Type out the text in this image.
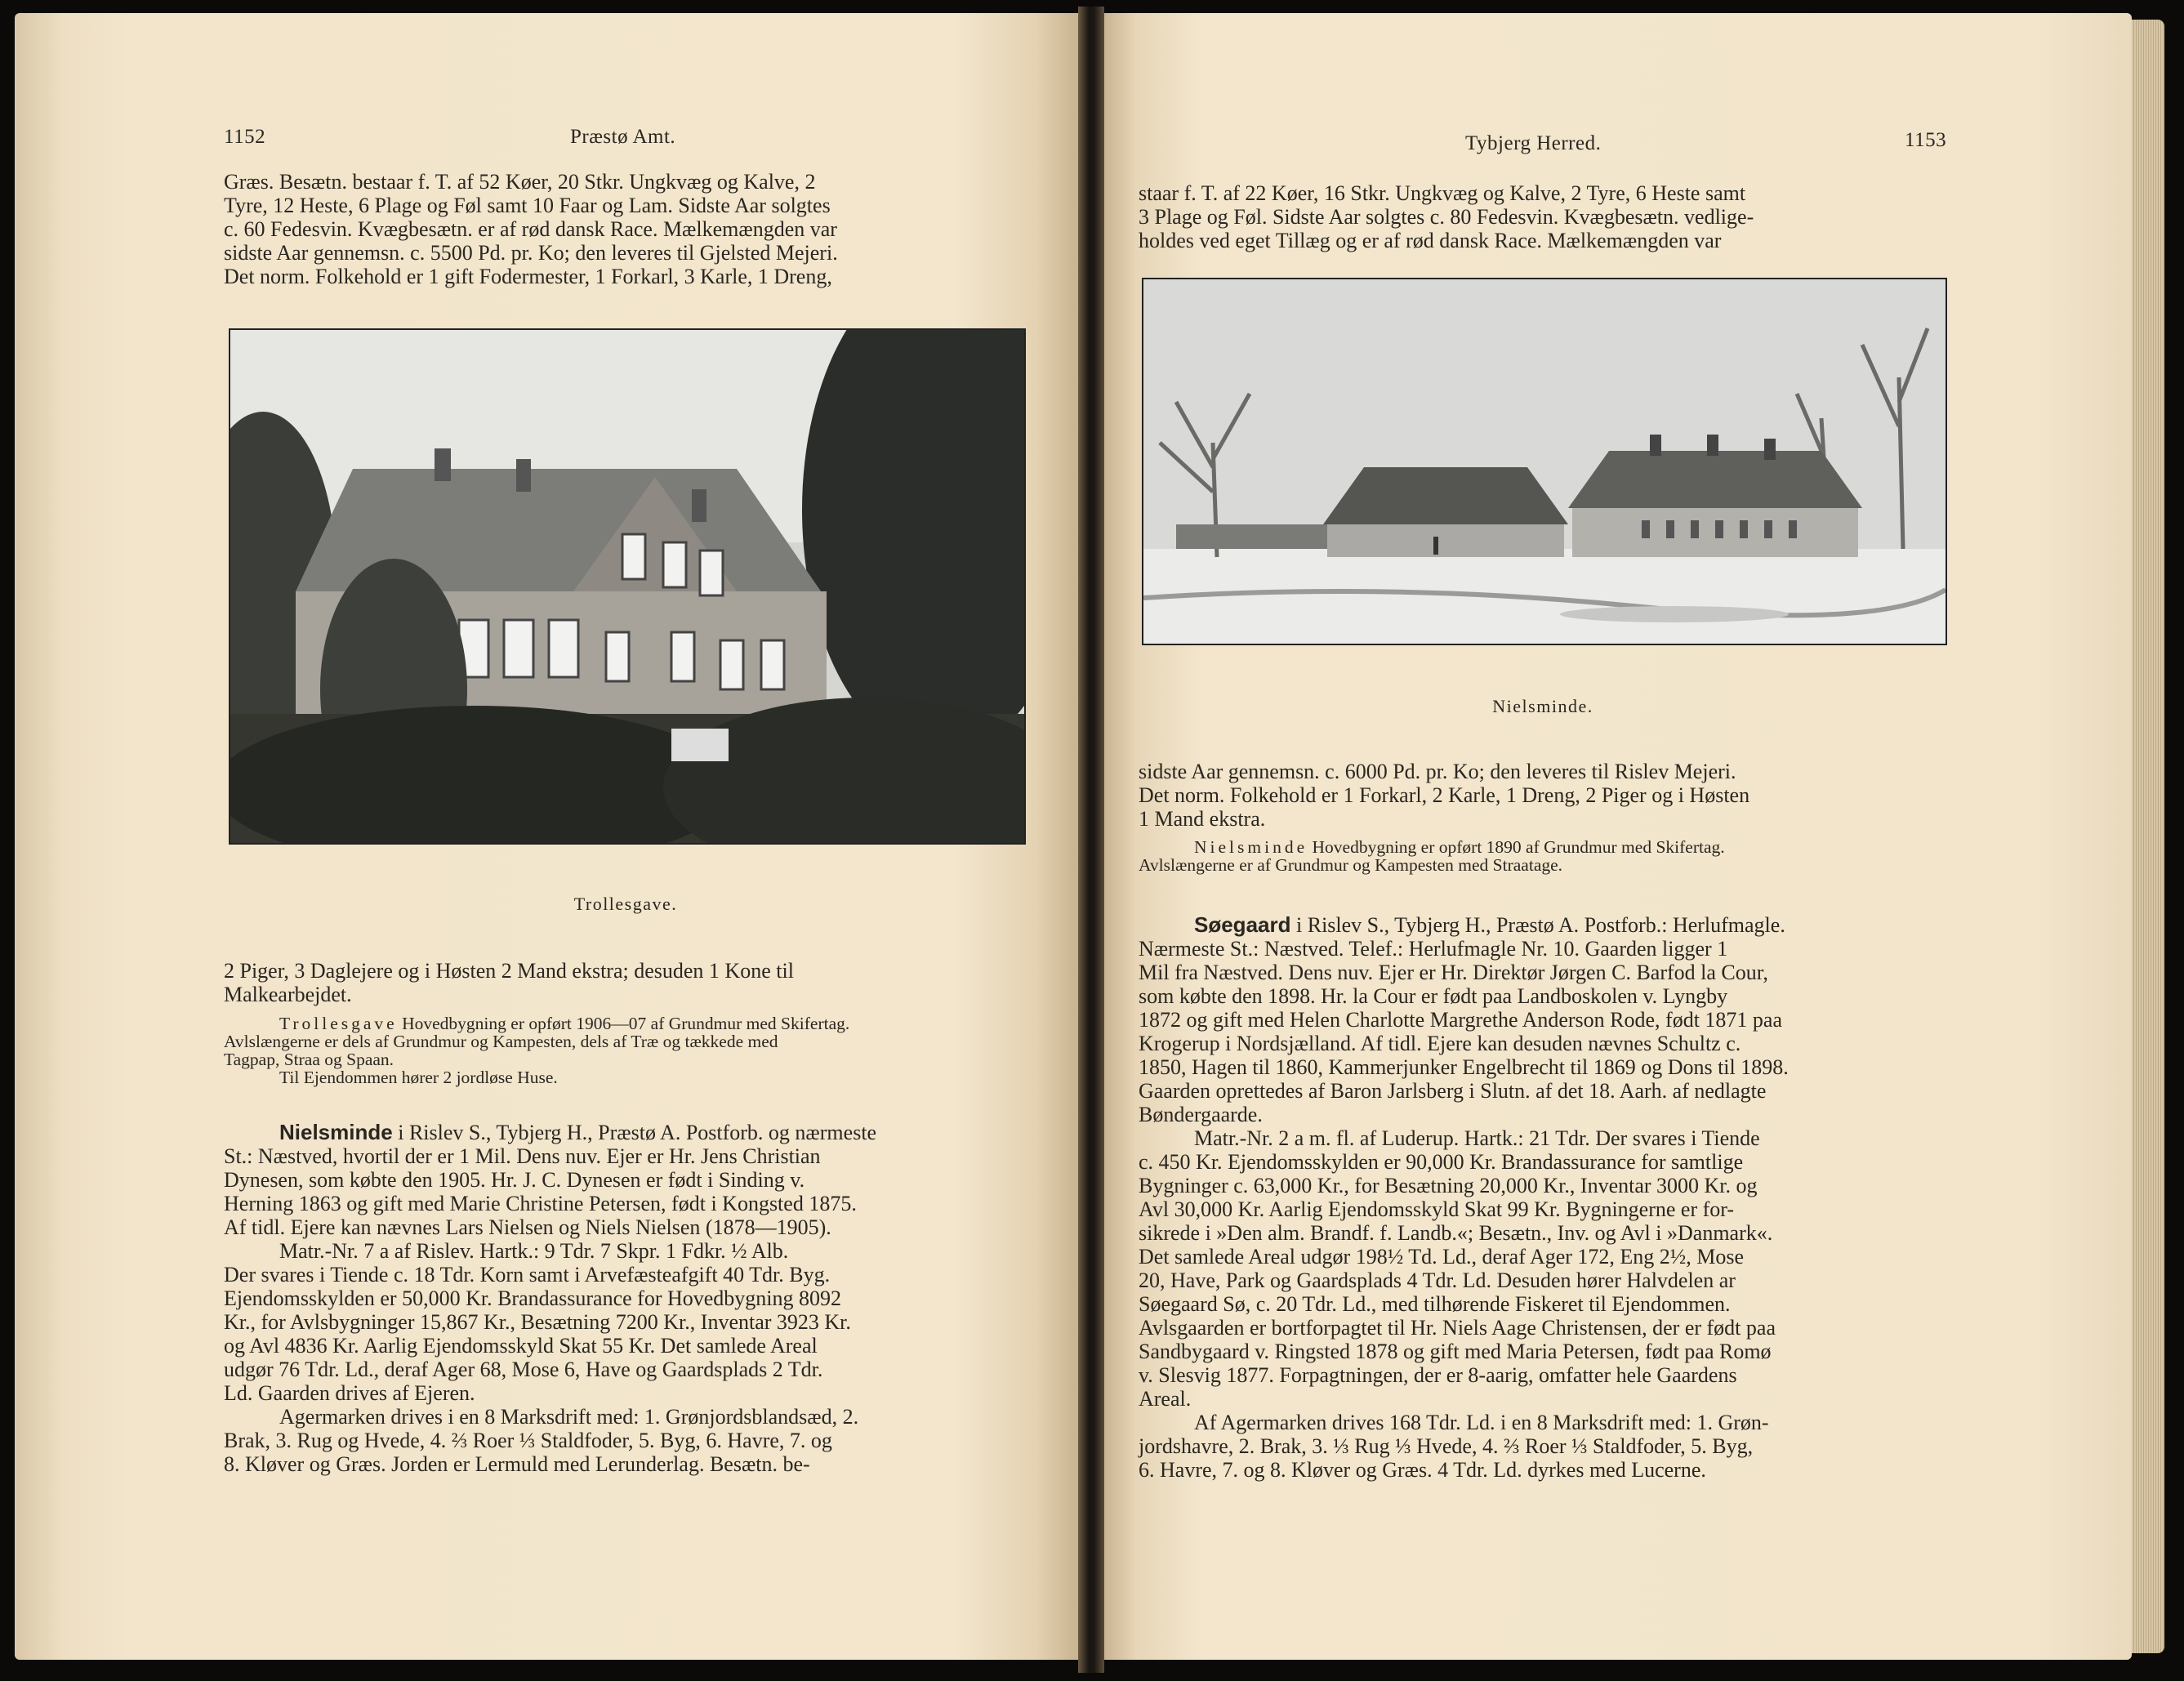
1152	Præstø Amt.

Græs. Besætn. bestaar f. T. af 52 Køer, 20 Stkr. Ungkvæg og Kalve, 2

Tyre, 12 Heste, 6 Plage og Føl samt 10 Faar og Lam. Sidste Aar solgtes

c. 60 Fedesvin. Kvægbesætn. er af rød dansk Race. Mælkemængden var

sidste Aar gennemsn. c. 5500 Pd. pr. Ko; den leveres til Gjelsted Mejeri.

Det norm. Folkehold er 1 gift Fodermester, 1 Forkarl, 3 Karle, 1 Dreng,

Trollesgave.

2 Piger, 3 Daglejere og i Høsten 2 Mand ekstra; desuden 1 Kone til

Malkearbejdet.

Trollesgave Hovedbygning er opført 1906—07 af Grundmur med Skifertag.

Avlslængerne er dels af Grundmur og Kampesten, dels af Træ og tækkede med

Tagpap, Straa og Spaan.

Til Ejendommen hører 2 jordløse Huse.

Nielsminde i Rislev S., Tybjerg H., Præstø A. Postforb. og nærmeste

St.: Næstved, hvortil der er 1 Mil. Dens nuv. Ejer er Hr. Jens Christian

Dynesen, som købte den 1905. Hr. J. C. Dynesen er født i Sinding v.

Herning 1863 og gift med Marie Christine Petersen, født i Kongsted 1875.

Af tidl. Ejere kan nævnes Lars Nielsen og Niels Nielsen (1878—1905).

Matr.-Nr. 7 a af Rislev. Hartk.: 9 Tdr. 7 Skpr. 1 Fdkr. ½ Alb.

Der svares i Tiende c. 18 Tdr. Korn samt i Arvefæsteafgift 40 Tdr. Byg.

Ejendomsskylden er 50,000 Kr. Brandassurance for Hovedbygning 8092

Kr., for Avlsbygninger 15,867 Kr., Besætning 7200 Kr., Inventar 3923 Kr.

og Avl 4836 Kr. Aarlig Ejendomsskyld Skat 55 Kr. Det samlede Areal

udgør 76 Tdr. Ld., deraf Ager 68, Mose 6, Have og Gaardsplads 2 Tdr.

Ld. Gaarden drives af Ejeren.

Agermarken drives i en 8 Marksdrift med: 1. Grønjordsblandsæd, 2.

Brak, 3. Rug og Hvede, 4. ⅔ Roer ⅓ Staldfoder, 5. Byg, 6. Havre, 7. og

8. Kløver og Græs. Jorden er Lermuld med Lerunderlag. Besætn. be-

Tybjerg Herred.	1153

staar f. T. af 22 Køer, 16 Stkr. Ungkvæg og Kalve, 2 Tyre, 6 Heste samt

3 Plage og Føl. Sidste Aar solgtes c. 80 Fedesvin. Kvægbesætn. vedlige-

holdes ved eget Tillæg og er af rød dansk Race. Mælkemængden var

Nielsminde.

sidste Aar gennemsn. c. 6000 Pd. pr. Ko; den leveres til Rislev Mejeri.

Det norm. Folkehold er 1 Forkarl, 2 Karle, 1 Dreng, 2 Piger og i Høsten

1 Mand ekstra.

Nielsminde Hovedbygning er opført 1890 af Grundmur med Skifertag.

Avlslængerne er af Grundmur og Kampesten med Straatage.

Søegaard i Rislev S., Tybjerg H., Præstø A. Postforb.: Herlufmagle.

Nærmeste St.: Næstved. Telef.: Herlufmagle Nr. 10. Gaarden ligger 1

Mil fra Næstved. Dens nuv. Ejer er Hr. Direktør Jørgen C. Barfod la Cour,

som købte den 1898. Hr. la Cour er født paa Landboskolen v. Lyngby

1872 og gift med Helen Charlotte Margrethe Anderson Rode, født 1871 paa

Krogerup i Nordsjælland. Af tidl. Ejere kan desuden nævnes Schultz c.

1850, Hagen til 1860, Kammerjunker Engelbrecht til 1869 og Dons til 1898.

Gaarden oprettedes af Baron Jarlsberg i Slutn. af det 18. Aarh. af nedlagte

Bøndergaarde.

Matr.-Nr. 2 a m. fl. af Luderup. Hartk.: 21 Tdr. Der svares i Tiende

c. 450 Kr. Ejendomsskylden er 90,000 Kr. Brandassurance for samtlige

Bygninger c. 63,000 Kr., for Besætning 20,000 Kr., Inventar 3000 Kr. og

Avl 30,000 Kr. Aarlig Ejendomsskyld Skat 99 Kr. Bygningerne er for-

sikrede i »Den alm. Brandf. f. Landb.«; Besætn., Inv. og Avl i »Danmark«.

Det samlede Areal udgør 198½ Td. Ld., deraf Ager 172, Eng 2½, Mose

20, Have, Park og Gaardsplads 4 Tdr. Ld. Desuden hører Halvdelen ar

Søegaard Sø, c. 20 Tdr. Ld., med tilhørende Fiskeret til Ejendommen.

Avlsgaarden er bortforpagtet til Hr. Niels Aage Christensen, der er født paa

Sandbygaard v. Ringsted 1878 og gift med Maria Petersen, født paa Romø

v. Slesvig 1877. Forpagtningen, der er 8-aarig, omfatter hele Gaardens

Areal.

Af Agermarken drives 168 Tdr. Ld. i en 8 Marksdrift med: 1. Grøn-

jordshavre, 2. Brak, 3. ⅓ Rug ⅓ Hvede, 4. ⅔ Roer ⅓ Staldfoder, 5. Byg,

6. Havre, 7. og 8. Kløver og Græs. 4 Tdr. Ld. dyrkes med Lucerne.
